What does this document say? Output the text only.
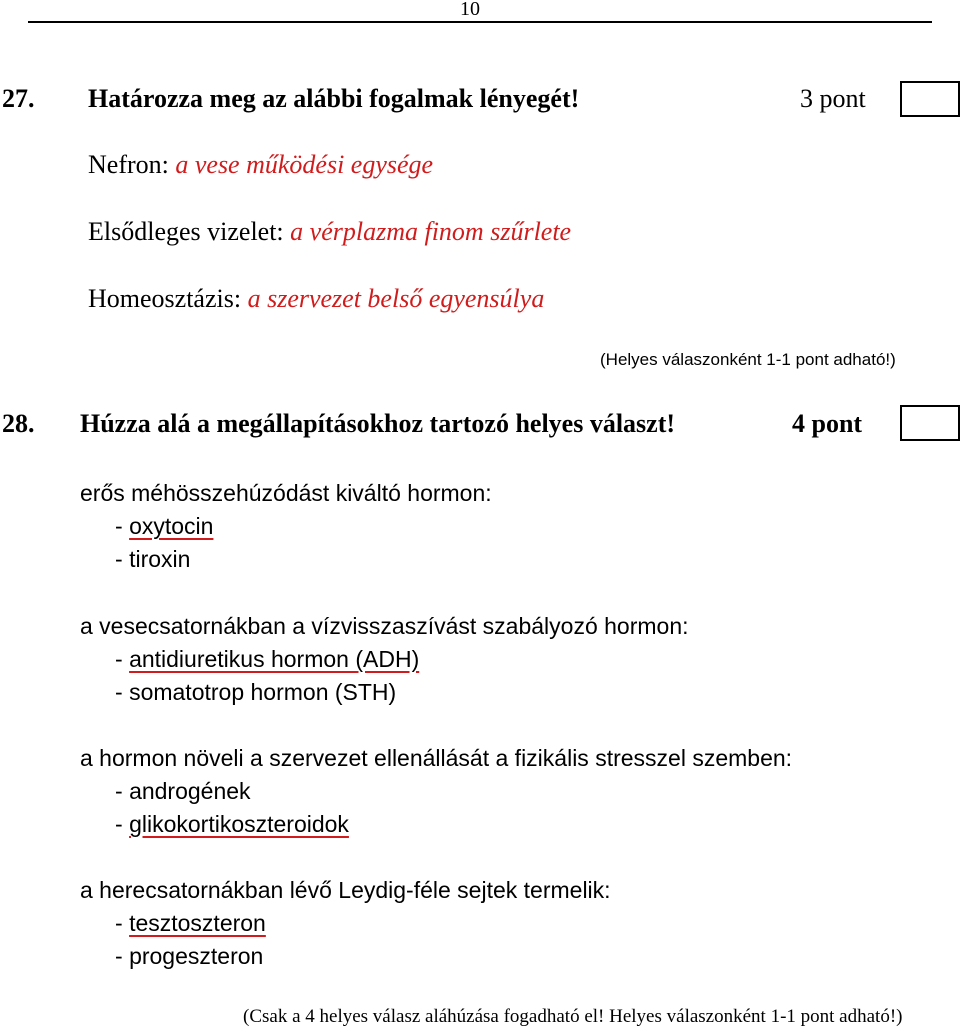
10
27. Határozza meg az alábbi fogalmak lényegét!	3 pont
Nefron: a vese működési egysége
Elsődleges vizelet: a vérplazma finom szűrlete
Homeosztázis: a szervezet belső egyensúlya
(Helyes válaszonként 1-1 pont adható!)
28. Húzza alá a megállapításokhoz tartozó helyes választ!	4 pont
erős méhösszehúzódást kiváltó hormon:
- oxytocin
- tiroxin
a vesecsatornákban a vízvisszaszívást szabályozó hormon:
- antidiuretikus hormon (ADH)
- somatotrop hormon (STH)
a hormon növeli a szervezet ellenállását a fizikális stresszel szemben:
- androgének
- glikokortikoszteroidok
a herecsatornákban lévő Leydig-féle sejtek termelik:
- tesztoszteron
- progeszteron
(Csak a 4 helyes válasz aláhúzása fogadható el! Helyes válaszonként 1-1 pont adható!)
